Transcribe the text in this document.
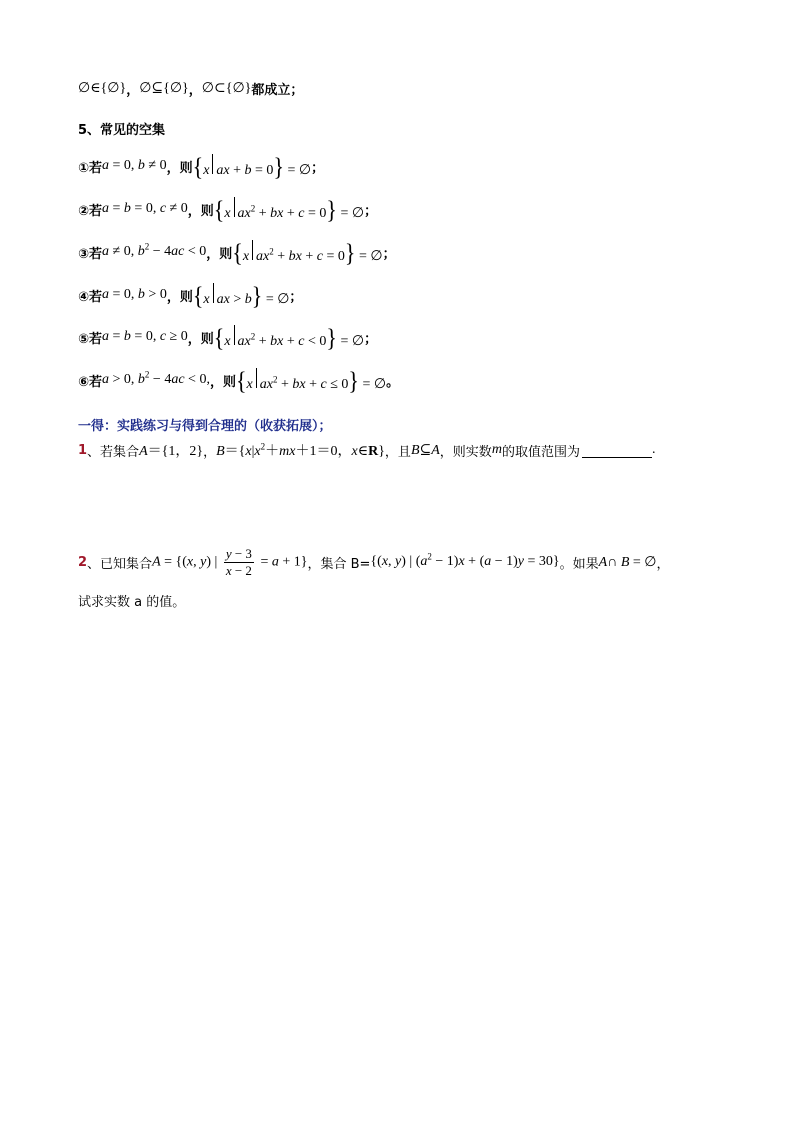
∅∈{∅} ， ∅⊆{∅} ， ∅⊂{∅} 都成立；
5、常见的空集
①若 a = 0, b ≠ 0 ，则 {x ax + b = 0} = ∅ ；
②若 a = b = 0, c ≠ 0 ，则 {x $ax^2$ + bx + c = 0} = ∅ ；
③若 a ≠ 0, $b^2 - 4ac < 0$ ，则 {x $ax^2$ + bx + c = 0} = ∅ ；
④若 a = 0, b > 0 ，则 {x ax > b} = ∅ ；
⑤若 a = b = 0, c ≥ 0 ，则 {x $ax^2$ + bx + c < 0} = ∅ ；
⑥若 a > 0, $b^2 - 4ac < 0$, ，则 {x $ax^2$ + bx + c ≤ 0} = ∅ 。
一得：实践练习与得到合理的（收获拓展）；
1 、若集合 A＝{1，2} ， $B=\{x|x^2+mx+1=0$，x∈R} ，且 B⊆A ，则实数 m 的取值范围为	.
2 、已知集合 A = {(x, y) | $\frac{y - 3}{x - 2} = a + 1$} ，集合 B= {(x, y) | $(a^2 - 1)x + (a - 1)y = 30$} 。如果 A∩ B = ∅ ，
试求实数 a 的值。
